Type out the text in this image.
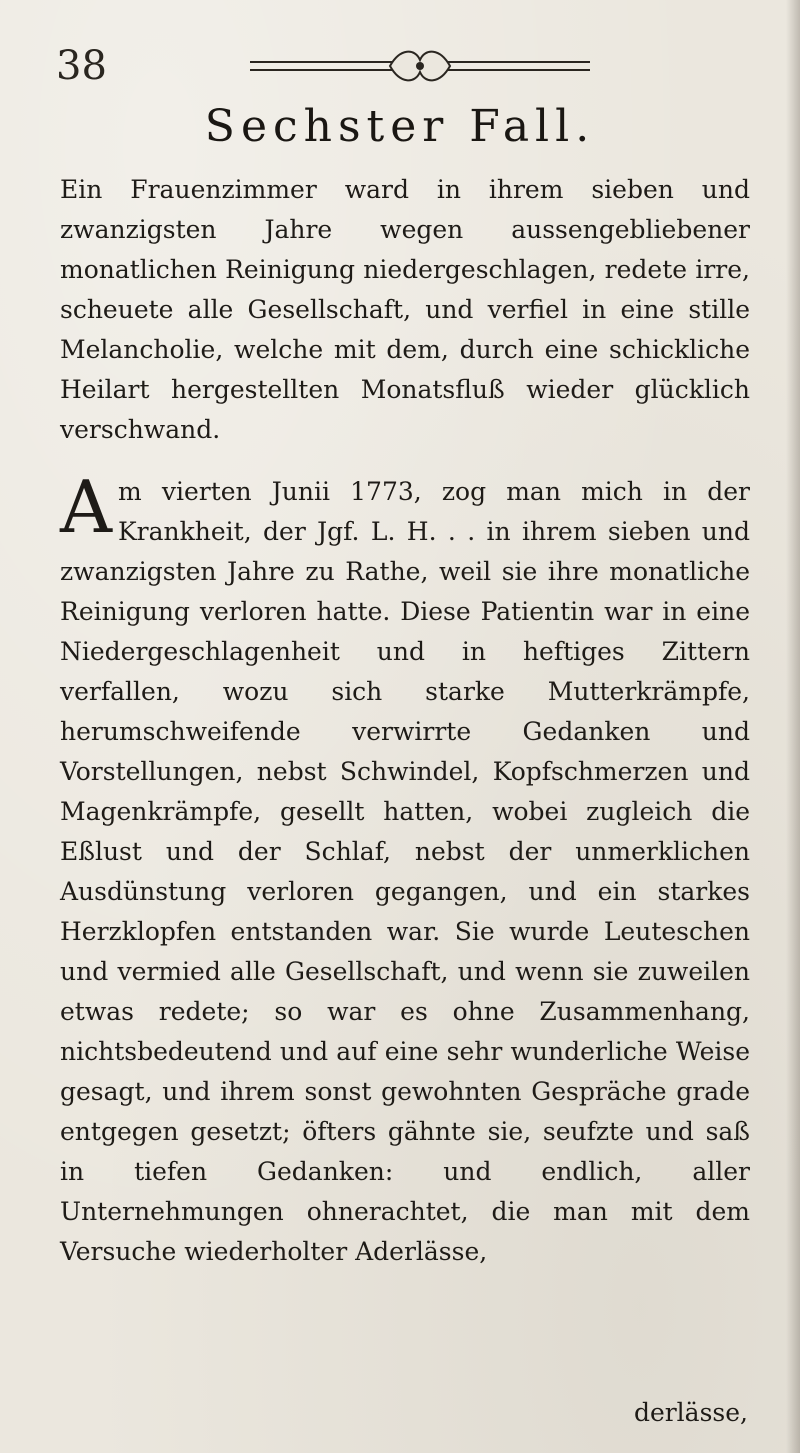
38
Sechster Fall.

Ein Frauenzimmer ward in ihrem sieben und zwanzigsten Jahre wegen aussengebliebener monatlichen Reinigung niedergeschlagen, redete irre, scheuete alle Gesellschaft, und verfiel in eine stille Melancholie, welche mit dem, durch eine schickliche Heilart hergestellten Monatsfluß wieder glücklich verschwand.

Am vierten Junii 1773, zog man mich in der Krankheit, der Jgf. L. H. . . in ihrem sieben und zwanzigsten Jahre zu Rathe, weil sie ihre monatliche Reinigung verloren hatte. Diese Patientin war in eine Niedergeschlagenheit und in heftiges Zittern verfallen, wozu sich starke Mutterkrämpfe, herumschweifende verwirrte Gedanken und Vorstellungen, nebst Schwindel, Kopfschmerzen und Magenkrämpfe, gesellt hatten, wobei zugleich die Eßlust und der Schlaf, nebst der unmerklichen Ausdünstung verloren gegangen, und ein starkes Herzklopfen entstanden war. Sie wurde Leuteschen und vermied alle Gesellschaft, und wenn sie zuweilen etwas redete; so war es ohne Zusammenhang, nichtsbedeutend und auf eine sehr wunderliche Weise gesagt, und ihrem sonst gewohnten Gespräche grade entgegen gesetzt; öfters gähnte sie, seufzte und saß in tiefen Gedanken: und endlich, aller Unternehmungen ohnerachtet, die man mit dem Versuche wiederholter Aderlässe,

derlässe,
